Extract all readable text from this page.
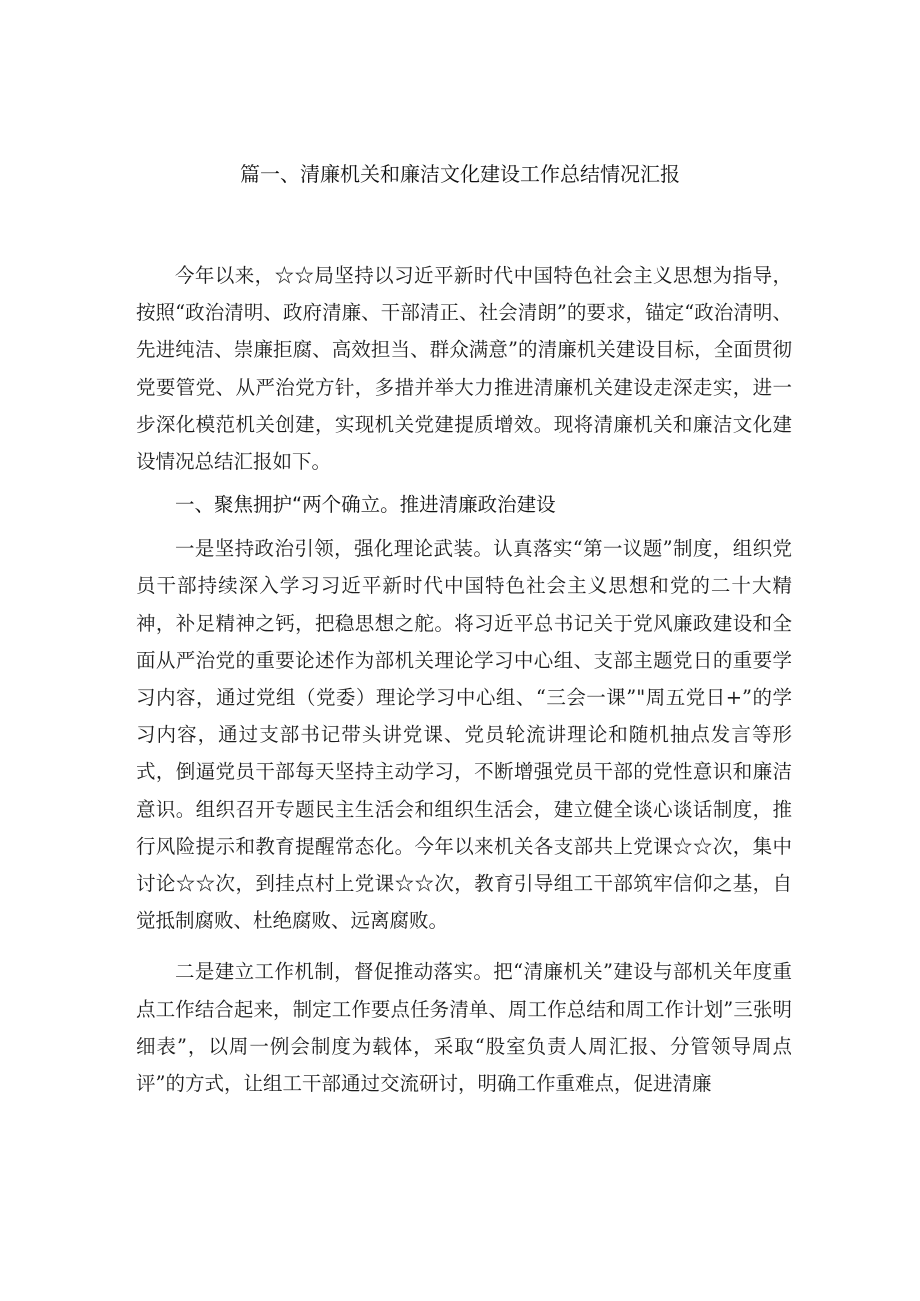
篇一、清廉机关和廉洁文化建设工作总结情况汇报

今年以来，☆☆局坚持以习近平新时代中国特色社会主义思想为指导，按照“政治清明、政府清廉、干部清正、社会清朗”的要求，锚定“政治清明、先进纯洁、崇廉拒腐、高效担当、群众满意”的清廉机关建设目标，全面贯彻党要管党、从严治党方针，多措并举大力推进清廉机关建设走深走实，进一步深化模范机关创建，实现机关党建提质增效。现将清廉机关和廉洁文化建设情况总结汇报如下。

一、聚焦拥护“两个确立。推进清廉政治建设

一是坚持政治引领，强化理论武装。认真落实“第一议题”制度，组织党员干部持续深入学习习近平新时代中国特色社会主义思想和党的二十大精神，补足精神之钙，把稳思想之舵。将习近平总书记关于党风廉政建设和全面从严治党的重要论述作为部机关理论学习中心组、支部主题党日的重要学习内容，通过党组（党委）理论学习中心组、“三会一课”"周五党日+”的学习内容，通过支部书记带头讲党课、党员轮流讲理论和随机抽点发言等形式，倒逼党员干部每天坚持主动学习，不断增强党员干部的党性意识和廉洁意识。组织召开专题民主生活会和组织生活会，建立健全谈心谈话制度，推行风险提示和教育提醒常态化。今年以来机关各支部共上党课☆☆次，集中讨论☆☆次，到挂点村上党课☆☆次，教育引导组工干部筑牢信仰之基，自觉抵制腐败、杜绝腐败、远离腐败。

二是建立工作机制，督促推动落实。把“清廉机关”建设与部机关年度重点工作结合起来，制定工作要点任务清单、周工作总结和周工作计划”三张明细表”，以周一例会制度为载体，采取“股室负责人周汇报、分管领导周点评”的方式，让组工干部通过交流研讨，明确工作重难点，促进清廉
